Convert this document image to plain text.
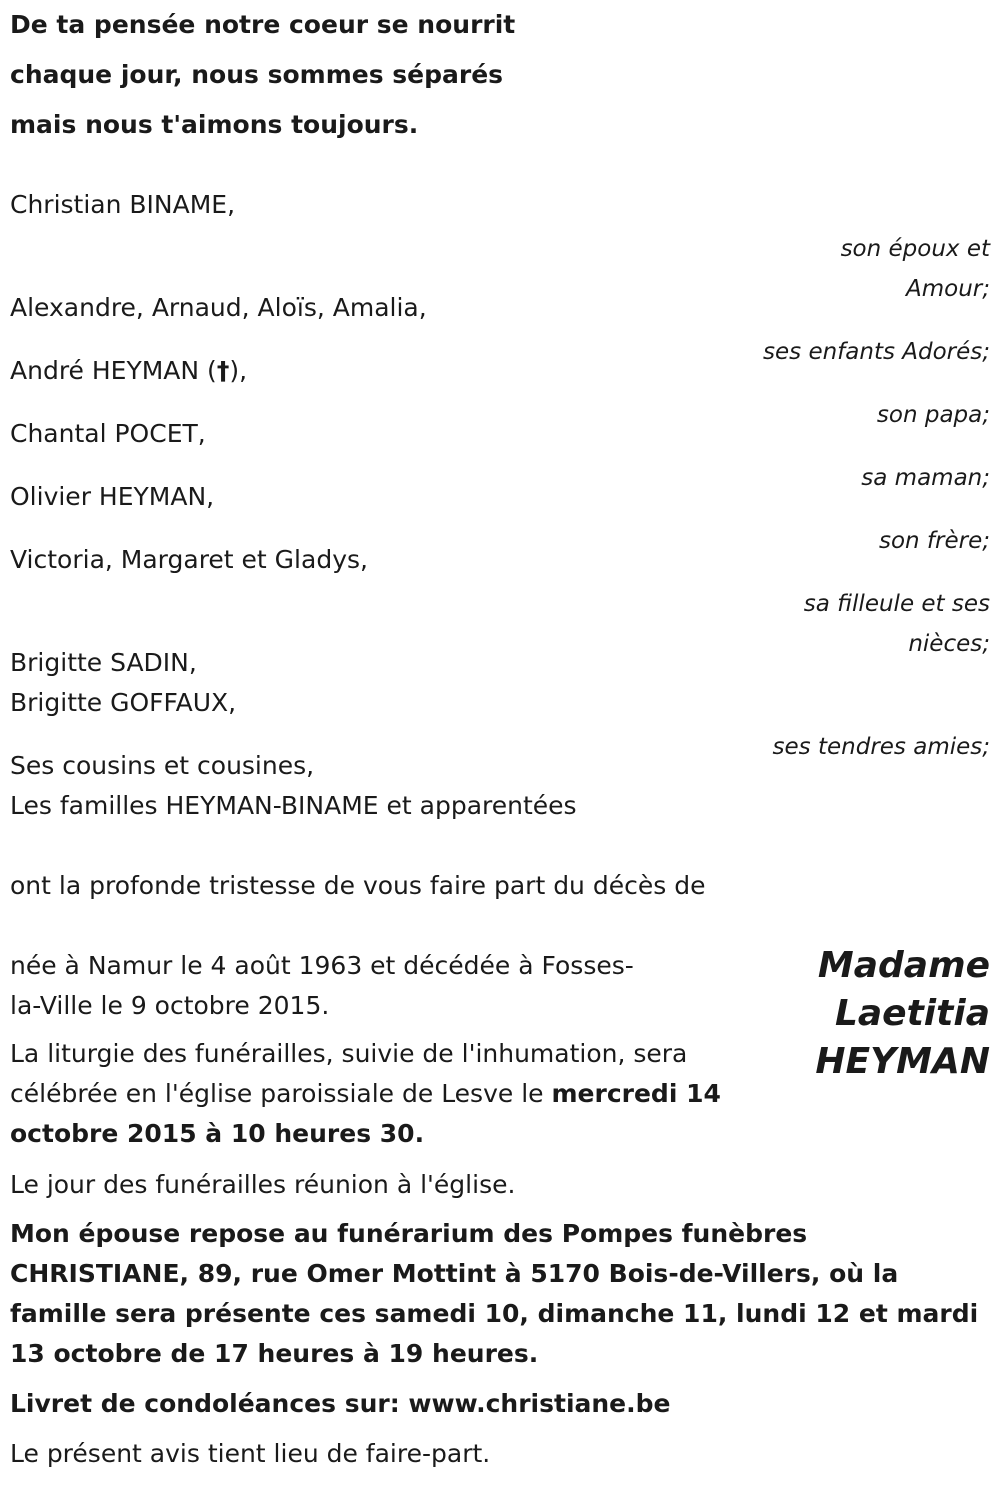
De ta pensée notre coeur se nourrit

chaque jour, nous sommes séparés

mais nous t'aimons toujours.

Christian BINAME,

son époux et

Amour;

Alexandre, Arnaud, Aloïs, Amalia,

ses enfants Adorés;

André HEYMAN (†),

son papa;

Chantal POCET,

sa maman;

Olivier HEYMAN,

son frère;

Victoria, Margaret et Gladys,

sa filleule et ses

nièces;

Brigitte SADIN,

Brigitte GOFFAUX,

ses tendres amies;

Ses cousins et cousines,

Les familles HEYMAN-BINAME et apparentées

ont la profonde tristesse de vous faire part du décès de

Madame
Laetitia
HEYMAN

née à Namur le 4 août 1963 et décédée à Fosses-

la-Ville le 9 octobre 2015.

La liturgie des funérailles, suivie de l'inhumation, sera célébrée en l'église paroissiale de Lesve le mercredi 14 octobre 2015 à 10 heures 30.

Le jour des funérailles réunion à l'église.

Mon épouse repose au funérarium des Pompes funèbres CHRISTIANE, 89, rue Omer Mottint à 5170 Bois-de-Villers, où la famille sera présente ces samedi 10, dimanche 11, lundi 12 et mardi 13 octobre de 17 heures à 19 heures.

Livret de condoléances sur: www.christiane.be

Le présent avis tient lieu de faire-part.
